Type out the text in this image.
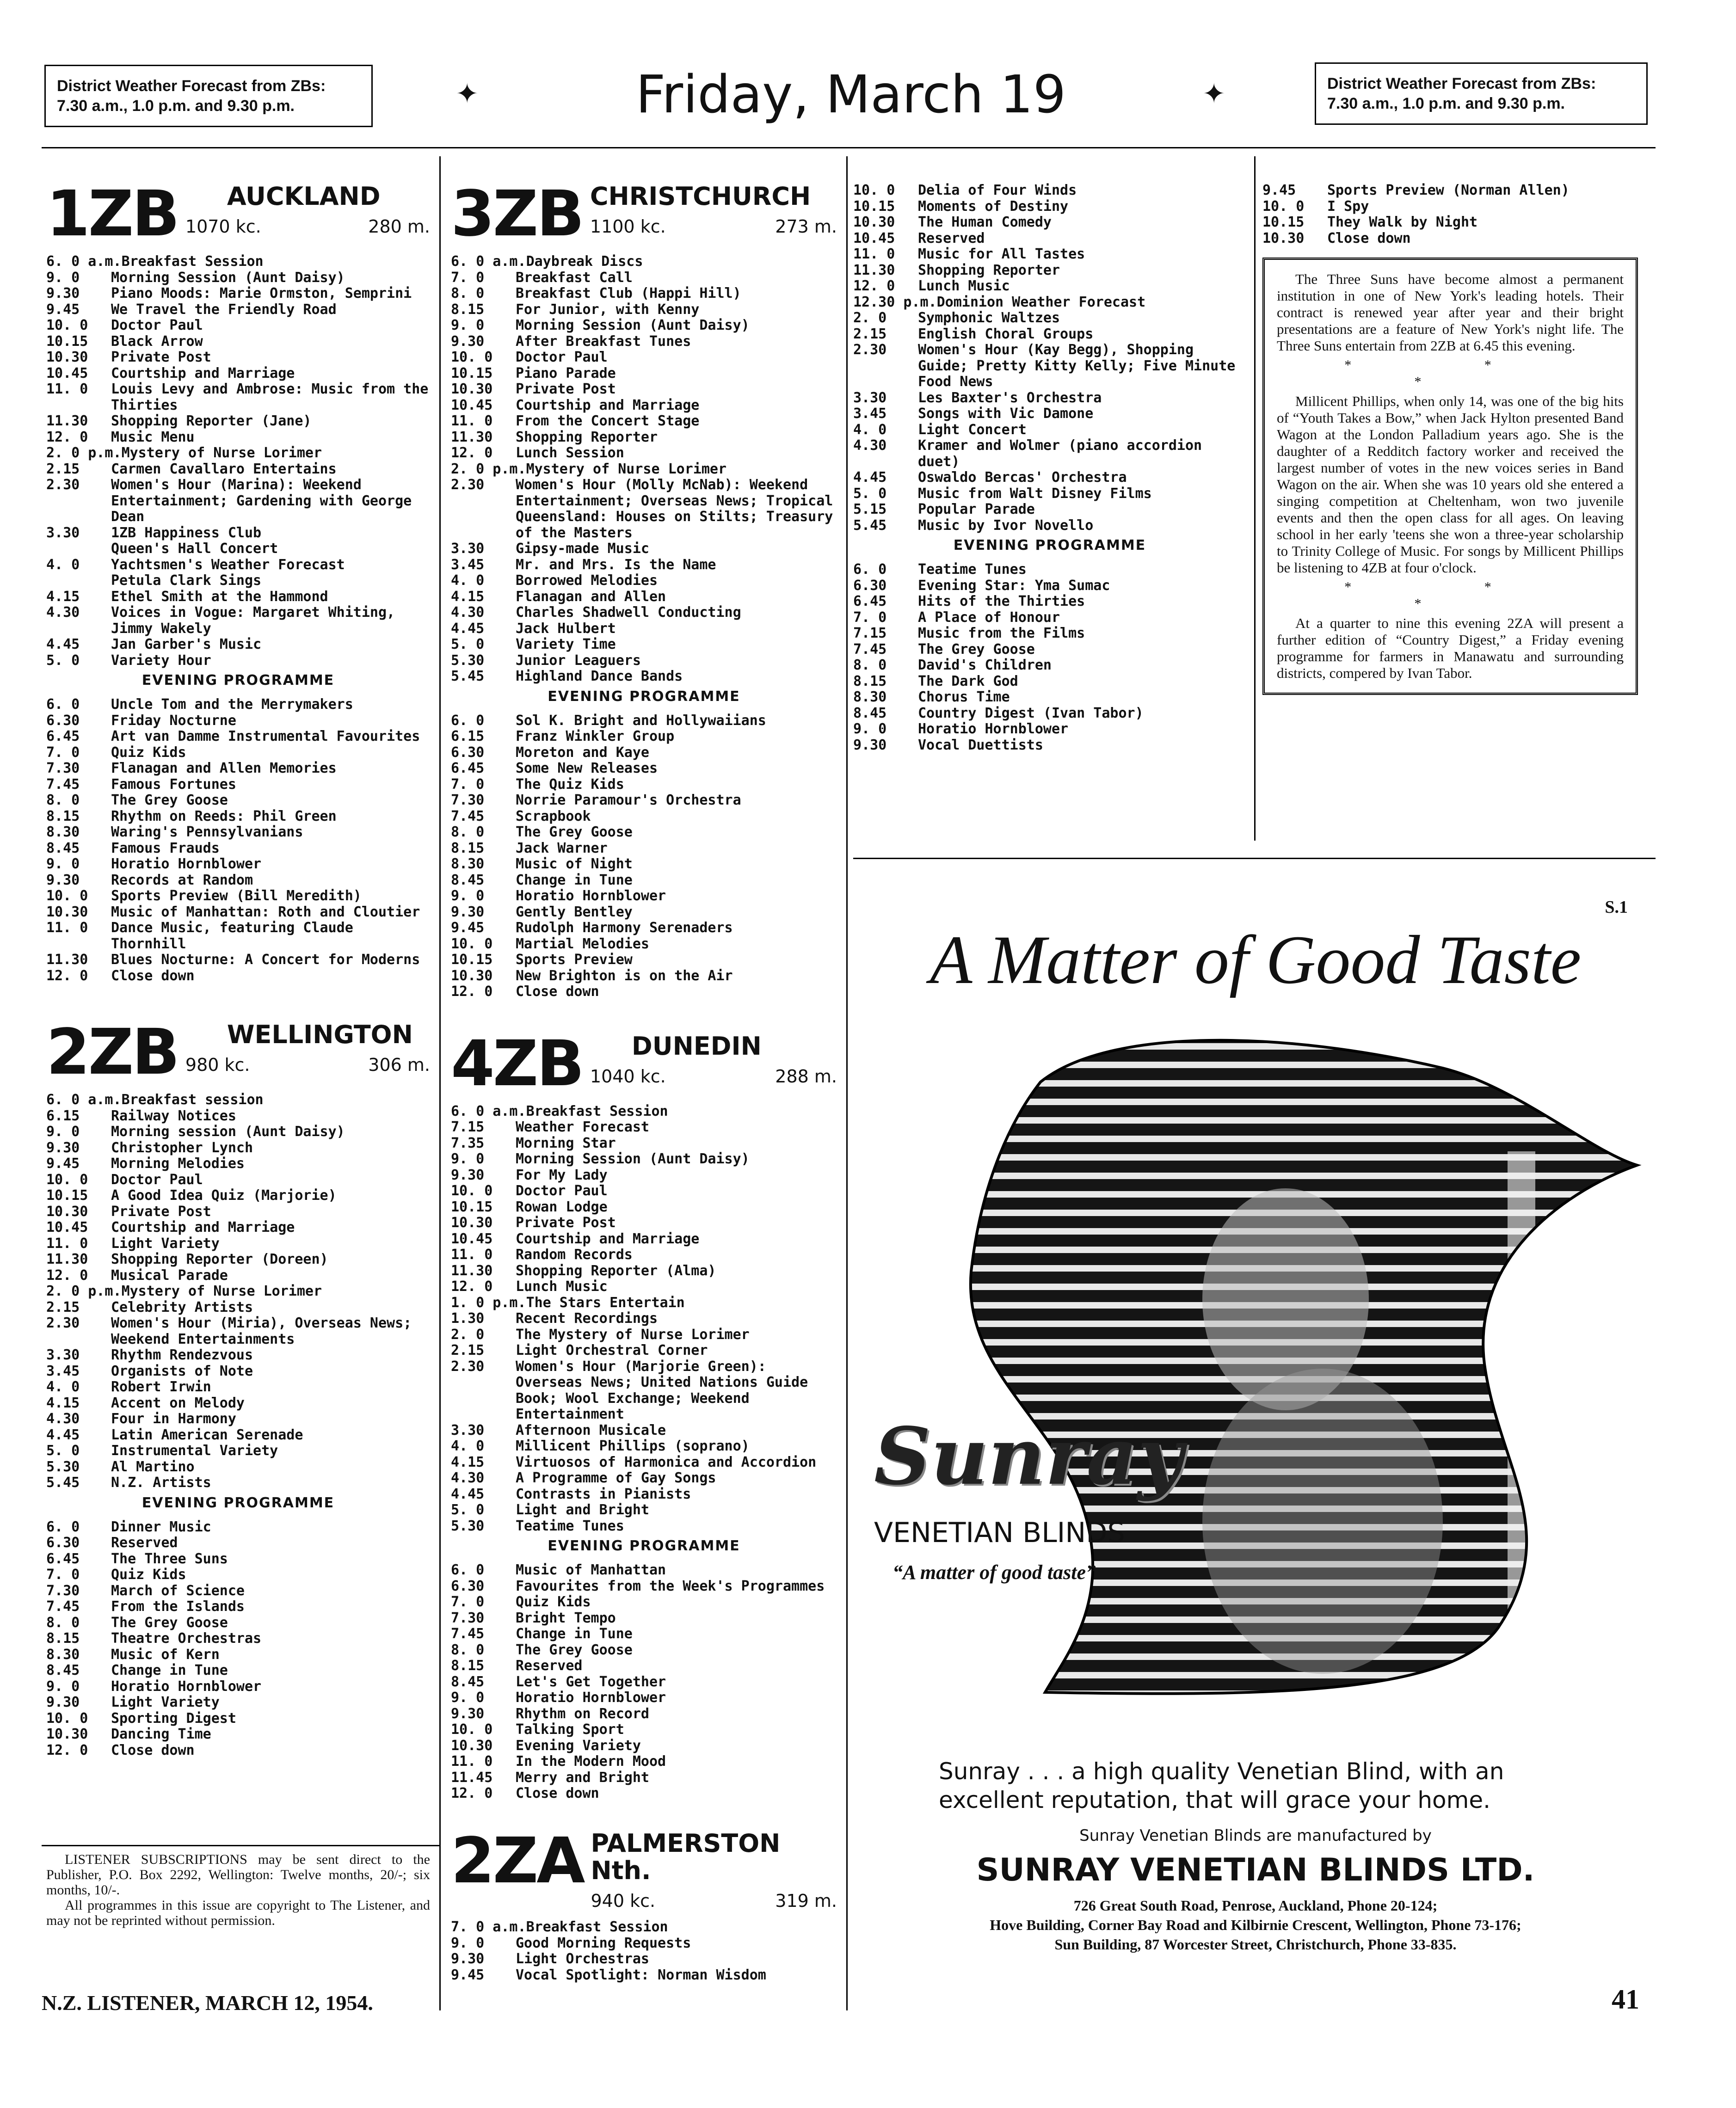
District Weather Forecast from ZBs:
7.30 a.m., 1.0 p.m. and 9.30 p.m.	✦	Friday, March 19	✦	District Weather Forecast from ZBs:
7.30 a.m., 1.0 p.m. and 9.30 p.m.
1ZB	AUCKLAND
1070 kc.	280 m.
6. 0 a.m. Breakfast Session
9. 0	Morning Session (Aunt Daisy)
9.30	Piano Moods: Marie Ormston, Semprini
9.45	We Travel the Friendly Road
10. 0	Doctor Paul
10.15	Black Arrow
10.30	Private Post
10.45	Courtship and Marriage
11. 0	Louis Levy and Ambrose: Music from the Thirties
11.30	Shopping Reporter (Jane)
12. 0	Music Menu
2. 0 p.m. Mystery of Nurse Lorimer
2.15	Carmen Cavallaro Entertains
2.30	Women's Hour (Marina): Weekend Entertainment; Gardening with George Dean
3.30	1ZB Happiness Club
Queen's Hall Concert
4. 0	Yachtsmen's Weather Forecast
Petula Clark Sings
4.15	Ethel Smith at the Hammond
4.30	Voices in Vogue: Margaret Whiting, Jimmy Wakely
4.45	Jan Garber's Music
5. 0	Variety Hour
EVENING PROGRAMME
6. 0	Uncle Tom and the Merrymakers
6.30	Friday Nocturne
6.45	Art van Damme Instrumental Favourites
7. 0	Quiz Kids
7.30	Flanagan and Allen Memories
7.45	Famous Fortunes
8. 0	The Grey Goose
8.15	Rhythm on Reeds: Phil Green
8.30	Waring's Pennsylvanians
8.45	Famous Frauds
9. 0	Horatio Hornblower
9.30	Records at Random
10. 0	Sports Preview (Bill Meredith)
10.30	Music of Manhattan: Roth and Cloutier
11. 0	Dance Music, featuring Claude Thornhill
11.30	Blues Nocturne: A Concert for Moderns
12. 0	Close down
2ZB	WELLINGTON
980 kc.	306 m.
6. 0 a.m. Breakfast session
6.15	Railway Notices
9. 0	Morning session (Aunt Daisy)
9.30	Christopher Lynch
9.45	Morning Melodies
10. 0	Doctor Paul
10.15	A Good Idea Quiz (Marjorie)
10.30	Private Post
10.45	Courtship and Marriage
11. 0	Light Variety
11.30	Shopping Reporter (Doreen)
12. 0	Musical Parade
2. 0 p.m. Mystery of Nurse Lorimer
2.15	Celebrity Artists
2.30	Women's Hour (Miria), Overseas News; Weekend Entertainments
3.30	Rhythm Rendezvous
3.45	Organists of Note
4. 0	Robert Irwin
4.15	Accent on Melody
4.30	Four in Harmony
4.45	Latin American Serenade
5. 0	Instrumental Variety
5.30	Al Martino
5.45	N.Z. Artists
EVENING PROGRAMME
6. 0	Dinner Music
6.30	Reserved
6.45	The Three Suns
7. 0	Quiz Kids
7.30	March of Science
7.45	From the Islands
8. 0	The Grey Goose
8.15	Theatre Orchestras
8.30	Music of Kern
8.45	Change in Tune
9. 0	Horatio Hornblower
9.30	Light Variety
10. 0	Sporting Digest
10.30	Dancing Time
12. 0	Close down

LISTENER SUBSCRIPTIONS may be sent direct to the Publisher, P.O. Box 2292, Wellington: Twelve months, 20/-; six months, 10/-.

All programmes in this issue are copyright to The Listener, and may not be reprinted without permission.

3ZB CHRISTCHURCH
1100 kc.	273 m.
6. 0 a.m. Daybreak Discs
7. 0	Breakfast Call
8. 0	Breakfast Club (Happi Hill)
8.15	For Junior, with Kenny
9. 0	Morning Session (Aunt Daisy)
9.30	After Breakfast Tunes
10. 0	Doctor Paul
10.15	Piano Parade
10.30	Private Post
10.45	Courtship and Marriage
11. 0	From the Concert Stage
11.30	Shopping Reporter
12. 0	Lunch Session
2. 0 p.m. Mystery of Nurse Lorimer
2.30	Women's Hour (Molly McNab): Weekend Entertainment; Overseas News; Tropical Queensland: Houses on Stilts; Treasury of the Masters
3.30	Gipsy-made Music
3.45	Mr. and Mrs. Is the Name
4. 0	Borrowed Melodies
4.15	Flanagan and Allen
4.30	Charles Shadwell Conducting
4.45	Jack Hulbert
5. 0	Variety Time
5.30	Junior Leaguers
5.45	Highland Dance Bands
EVENING PROGRAMME
6. 0	Sol K. Bright and Hollywaiians
6.15	Franz Winkler Group
6.30	Moreton and Kaye
6.45	Some New Releases
7. 0	The Quiz Kids
7.30	Norrie Paramour's Orchestra
7.45	Scrapbook
8. 0	The Grey Goose
8.15	Jack Warner
8.30	Music of Night
8.45	Change in Tune
9. 0	Horatio Hornblower
9.30	Gently Bentley
9.45	Rudolph Harmony Serenaders
10. 0	Martial Melodies
10.15	Sports Preview
10.30	New Brighton is on the Air
12. 0	Close down
4ZB	DUNEDIN
1040 kc.	288 m.
6. 0 a.m. Breakfast Session
7.15	Weather Forecast
7.35	Morning Star
9. 0	Morning Session (Aunt Daisy)
9.30	For My Lady
10. 0	Doctor Paul
10.15	Rowan Lodge
10.30	Private Post
10.45	Courtship and Marriage
11. 0	Random Records
11.30	Shopping Reporter (Alma)
12. 0	Lunch Music
1. 0 p.m. The Stars Entertain
1.30	Recent Recordings
2. 0	The Mystery of Nurse Lorimer
2.15	Light Orchestral Corner
2.30	Women's Hour (Marjorie Green): Overseas News; United Nations Guide Book; Wool Exchange; Weekend Entertainment
3.30	Afternoon Musicale
4. 0	Millicent Phillips (soprano)
4.15	Virtuosos of Harmonica and Accordion
4.30	A Programme of Gay Songs
4.45	Contrasts in Pianists
5. 0	Light and Bright
5.30	Teatime Tunes
EVENING PROGRAMME
6. 0	Music of Manhattan
6.30	Favourites from the Week's Programmes
7. 0	Quiz Kids
7.30	Bright Tempo
7.45	Change in Tune
8. 0	The Grey Goose
8.15	Reserved
8.45	Let's Get Together
9. 0	Horatio Hornblower
9.30	Rhythm on Record
10. 0	Talking Sport
10.30	Evening Variety
11. 0	In the Modern Mood
11.45	Merry and Bright
12. 0	Close down
2ZA PALMERSTON Nth.
940 kc.	319 m.
7. 0 a.m. Breakfast Session
9. 0	Good Morning Requests
9.30	Light Orchestras
9.45	Vocal Spotlight: Norman Wisdom
10. 0	Delia of Four Winds
10.15	Moments of Destiny
10.30	The Human Comedy
10.45	Reserved
11. 0	Music for All Tastes
11.30	Shopping Reporter
12. 0	Lunch Music
12.30 p.m. Dominion Weather Forecast
2. 0	Symphonic Waltzes
2.15	English Choral Groups
2.30	Women's Hour (Kay Begg), Shopping Guide; Pretty Kitty Kelly; Five Minute Food News
3.30	Les Baxter's Orchestra
3.45	Songs with Vic Damone
4. 0	Light Concert
4.30	Kramer and Wolmer (piano accordion duet)
4.45	Oswaldo Bercas' Orchestra
5. 0	Music from Walt Disney Films
5.15	Popular Parade
5.45	Music by Ivor Novello
EVENING PROGRAMME
6. 0	Teatime Tunes
6.30	Evening Star: Yma Sumac
6.45	Hits of the Thirties
7. 0	A Place of Honour
7.15	Music from the Films
7.45	The Grey Goose
8. 0	David's Children
8.15	The Dark God
8.30	Chorus Time
8.45	Country Digest (Ivan Tabor)
9. 0	Horatio Hornblower
9.30	Vocal Duettists
9.45	Sports Preview (Norman Allen)
10. 0	I Spy
10.15	They Walk by Night
10.30	Close down

The Three Suns have become almost a permanent institution in one of New York's leading hotels. Their contract is renewed year after year and their bright presentations are a feature of New York's night life. The Three Suns entertain from 2ZB at 6.45 this evening.

* * *

Millicent Phillips, when only 14, was one of the big hits of “Youth Takes a Bow,” when Jack Hylton presented Band Wagon at the London Palladium years ago. She is the daughter of a Redditch factory worker and received the largest number of votes in the new voices series in Band Wagon on the air. When she was 10 years old she entered a singing competition at Cheltenham, won two juvenile events and then the open class for all ages. On leaving school in her early 'teens she won a three-year scholarship to Trinity College of Music. For songs by Millicent Phillips be listening to 4ZB at four o'clock.

* * *

At a quarter to nine this evening 2ZA will present a further edition of “Country Digest,” a Friday evening programme for farmers in Manawatu and surrounding districts, compered by Ivan Tabor.

S.1
A Matter of Good Taste
Sunray
VENETIAN BLINDS
“A matter of good taste”
Sunray . . . a high quality Venetian Blind, with an excellent reputation, that will grace your home.
Sunray Venetian Blinds are manufactured by
SUNRAY VENETIAN BLINDS LTD.
726 Great South Road, Penrose, Auckland, Phone 20-124;
Hove Building, Corner Bay Road and Kilbirnie Crescent, Wellington, Phone 73-176;
Sun Building, 87 Worcester Street, Christchurch, Phone 33-835.
N.Z. LISTENER, MARCH 12, 1954.	41
